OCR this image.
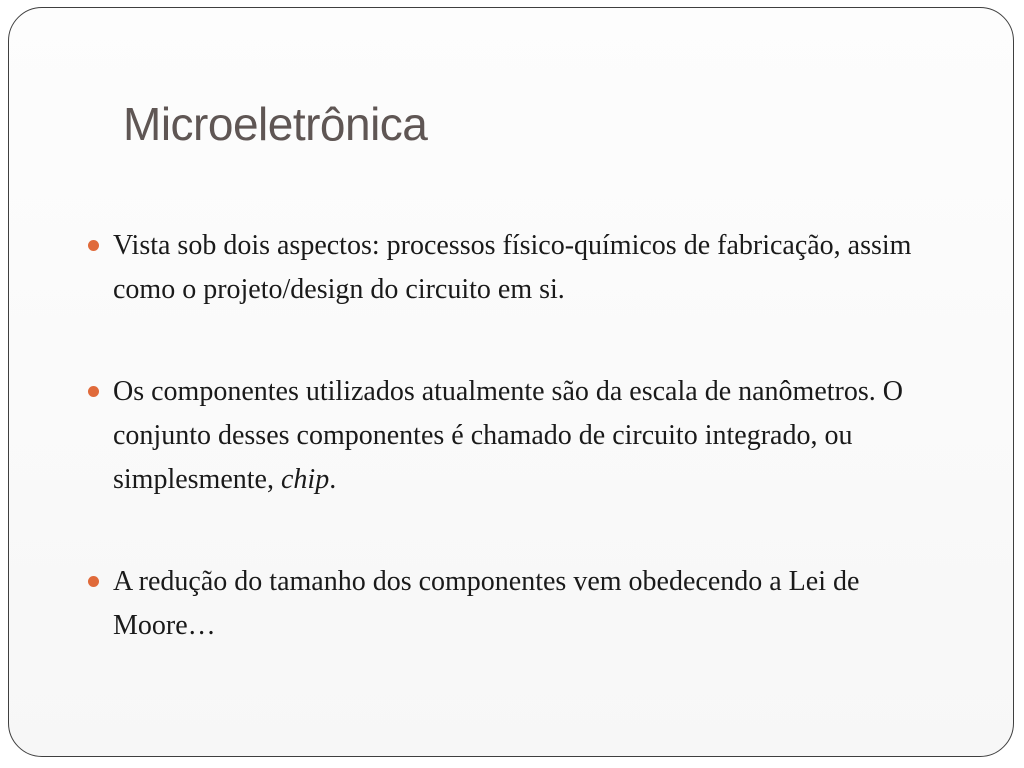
Microeletrônica
Vista sob dois aspectos: processos físico-químicos de fabricação, assim como o projeto/design do circuito em si.
Os componentes utilizados atualmente são da escala de nanômetros. O conjunto desses componentes é chamado de circuito integrado, ou simplesmente, chip.
A redução do tamanho dos componentes vem obedecendo a Lei de Moore…
